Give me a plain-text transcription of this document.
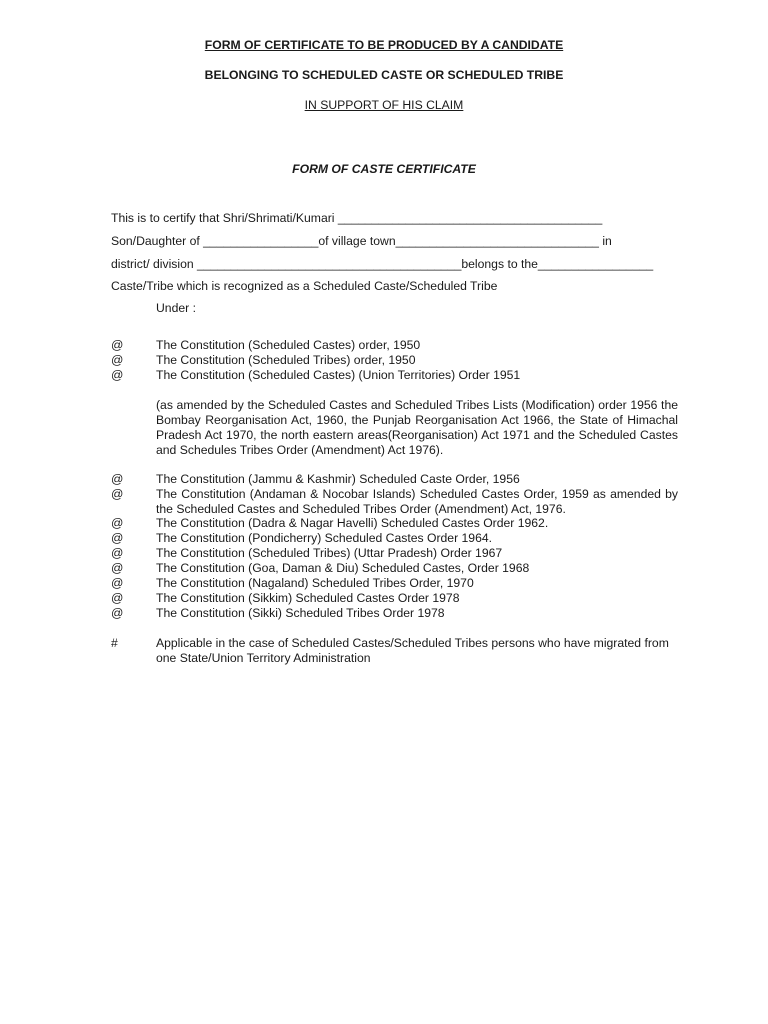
FORM OF CERTIFICATE TO BE PRODUCED BY A CANDIDATE
BELONGING TO SCHEDULED CASTE OR SCHEDULED TRIBE
IN SUPPORT OF HIS CLAIM
FORM OF CASTE CERTIFICATE
This is to certify that Shri/Shrimati/Kumari _______________________________________
Son/Daughter of _________________of village town______________________________ in
district/ division _______________________________________belongs to the_________________
Caste/Tribe which is recognized as a Scheduled Caste/Scheduled Tribe
Under :
@	The Constitution (Scheduled Castes) order, 1950
@	The Constitution (Scheduled Tribes) order, 1950
@	The Constitution (Scheduled Castes) (Union Territories) Order 1951
(as amended by the Scheduled Castes and Scheduled Tribes Lists (Modification) order 1956 the Bombay Reorganisation Act, 1960, the Punjab Reorganisation Act 1966, the State of Himachal Pradesh Act 1970, the north eastern areas(Reorganisation) Act 1971 and the Scheduled Castes and Schedules Tribes Order (Amendment) Act 1976).
@	The Constitution (Jammu & Kashmir) Scheduled Caste Order, 1956
@	The Constitution (Andaman & Nocobar Islands) Scheduled Castes Order, 1959 as amended by the Scheduled Castes and Scheduled Tribes Order (Amendment) Act, 1976.
@	The Constitution (Dadra & Nagar Havelli) Scheduled Castes Order 1962.
@	The Constitution (Pondicherry) Scheduled Castes Order 1964.
@	The Constitution (Scheduled Tribes) (Uttar Pradesh) Order 1967
@	The Constitution (Goa, Daman & Diu) Scheduled Castes, Order 1968
@	The Constitution (Nagaland) Scheduled Tribes Order, 1970
@	The Constitution (Sikkim) Scheduled Castes Order 1978
@	The Constitution (Sikki) Scheduled Tribes Order 1978
#	Applicable in the case of Scheduled Castes/Scheduled Tribes persons who have migrated from one State/Union Territory Administration
